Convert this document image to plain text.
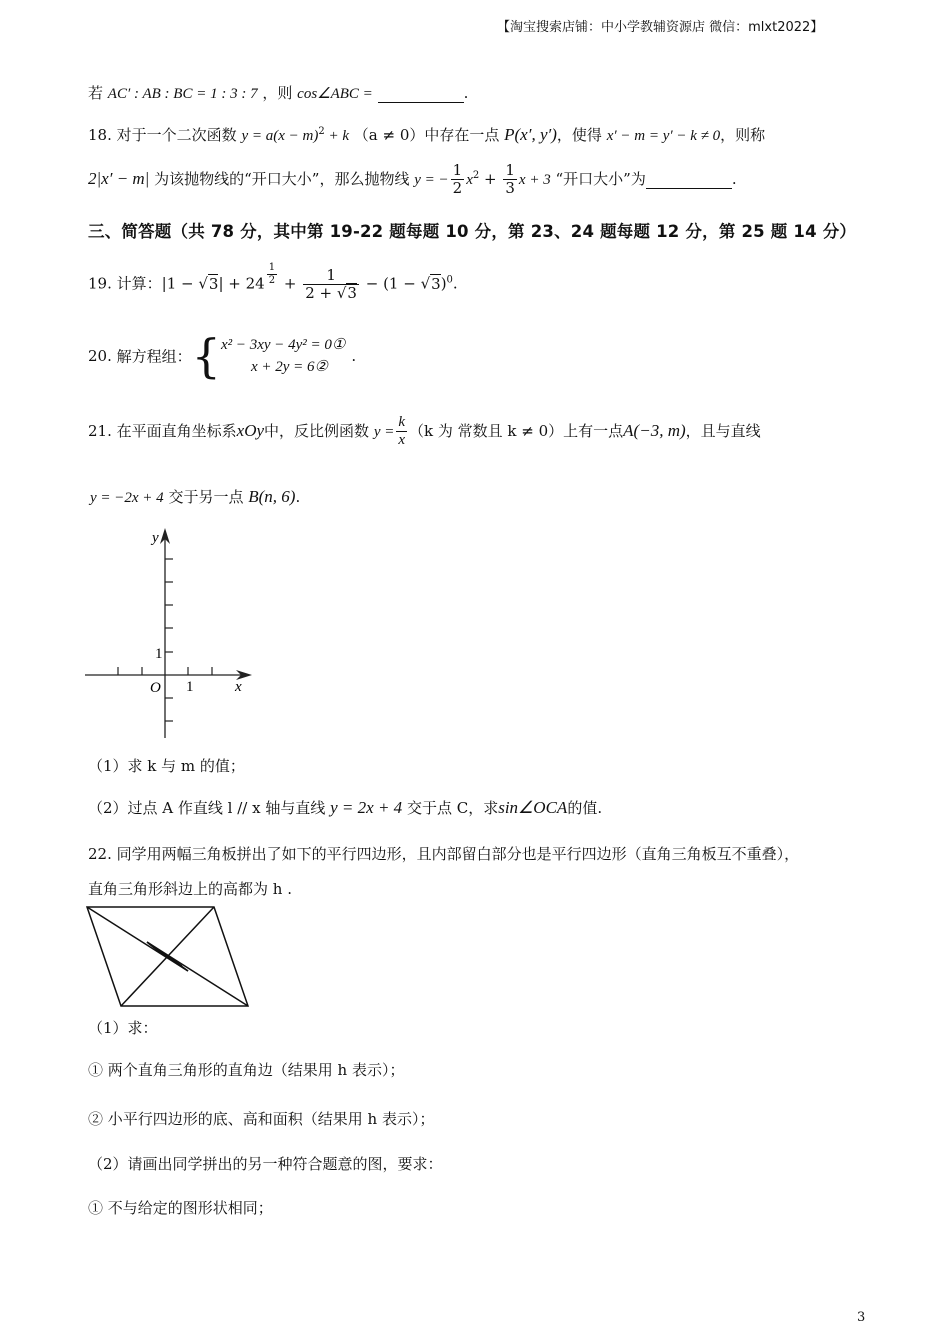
【淘宝搜索店铺：中小学教辅资源店 微信：mlxt2022】
若 AC′ : AB : BC = 1 : 3 : 7 ，则 cos∠ABC =	.
18. 对于一个二次函数 $y = a(x - m)^2 + k$ （a ≠ 0）中存在一点 P(x′, y′)，使得 x′ − m = y′ − k ≠ 0，则称
2|x′ − m| 为该抛物线的“开口大小”，那么抛物线 y = − $\frac{1}{2} x^2 + \frac{1}{3}$ x + 3 “开口大小”为	.
三、简答题（共 78 分，其中第 19-22 题每题 10 分，第 23、24 题每题 12 分，第 25 题 14 分）
19. 计算：$|1 - √3| + 24 \frac{1}{2} + \frac{1}{2 + √3} - (1 - √3)^0$.
20. 解方程组：{ x² − 3xy − 4y² = 0①
x + 2y = 6②
.
21. 在平面直角坐标系xOy中，反比例函数 $y = \frac{k}{x} (k$ 为 常数且 k ≠ 0）上有一点A(−3, m)，且与直线
y = −2x + 4 交于另一点 B(n, 6).
y
x
1
1
O
（1）求 k 与 m 的值；
（2）过点 A 作直线 l // x 轴与直线 y = 2x + 4 交于点 C，求sin∠OCA的值.
22. 同学用两幅三角板拼出了如下的平行四边形，且内部留白部分也是平行四边形（直角三角板互不重叠），
直角三角形斜边上的高都为 h .
（1）求：
① 两个直角三角形的直角边（结果用 h 表示）；
② 小平行四边形的底、高和面积（结果用 h 表示）；
（2）请画出同学拼出的另一种符合题意的图，要求：
① 不与给定的图形状相同；
3
